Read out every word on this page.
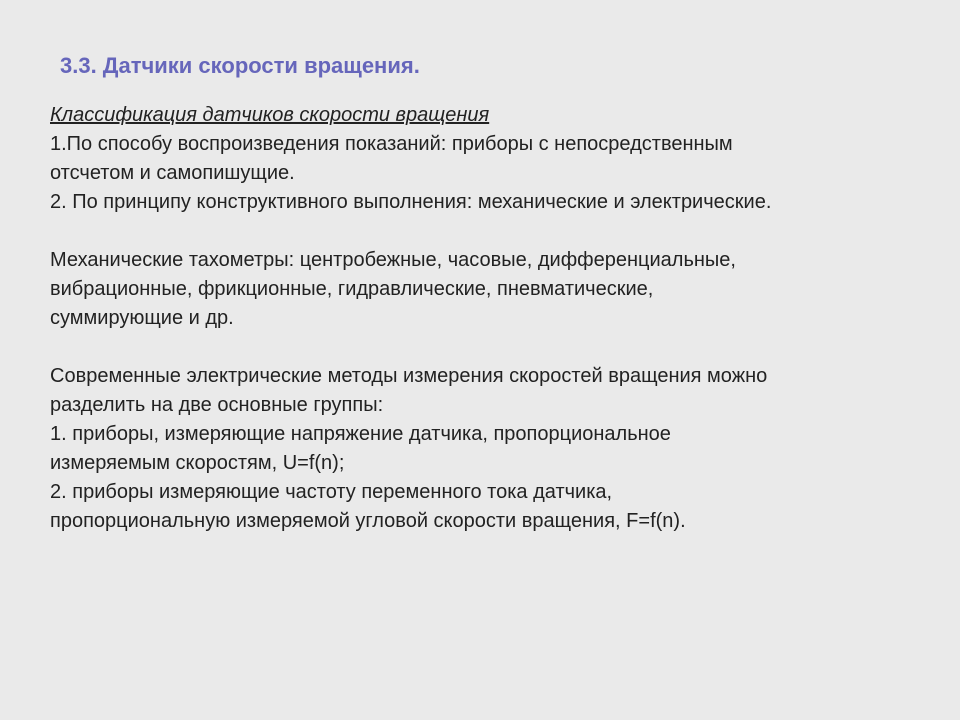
3.3. Датчики скорости вращения.

Классификация датчиков скорости вращения

1.По способу воспроизведения показаний: приборы с непосредственным

отсчетом и самопишущие.

2. По принципу конструктивного выполнения: механические и электрические.

Механические тахометры: центробежные, часовые, дифференциальные,

вибрационные, фрикционные, гидравлические, пневматические,

суммирующие и др.

Современные электрические методы измерения скоростей вращения можно

разделить на две основные группы:

1. приборы, измеряющие напряжение датчика, пропорциональное

измеряемым скоростям, U=f(n);

2. приборы измеряющие частоту переменного тока датчика,

пропорциональную измеряемой угловой скорости вращения, F=f(n).
